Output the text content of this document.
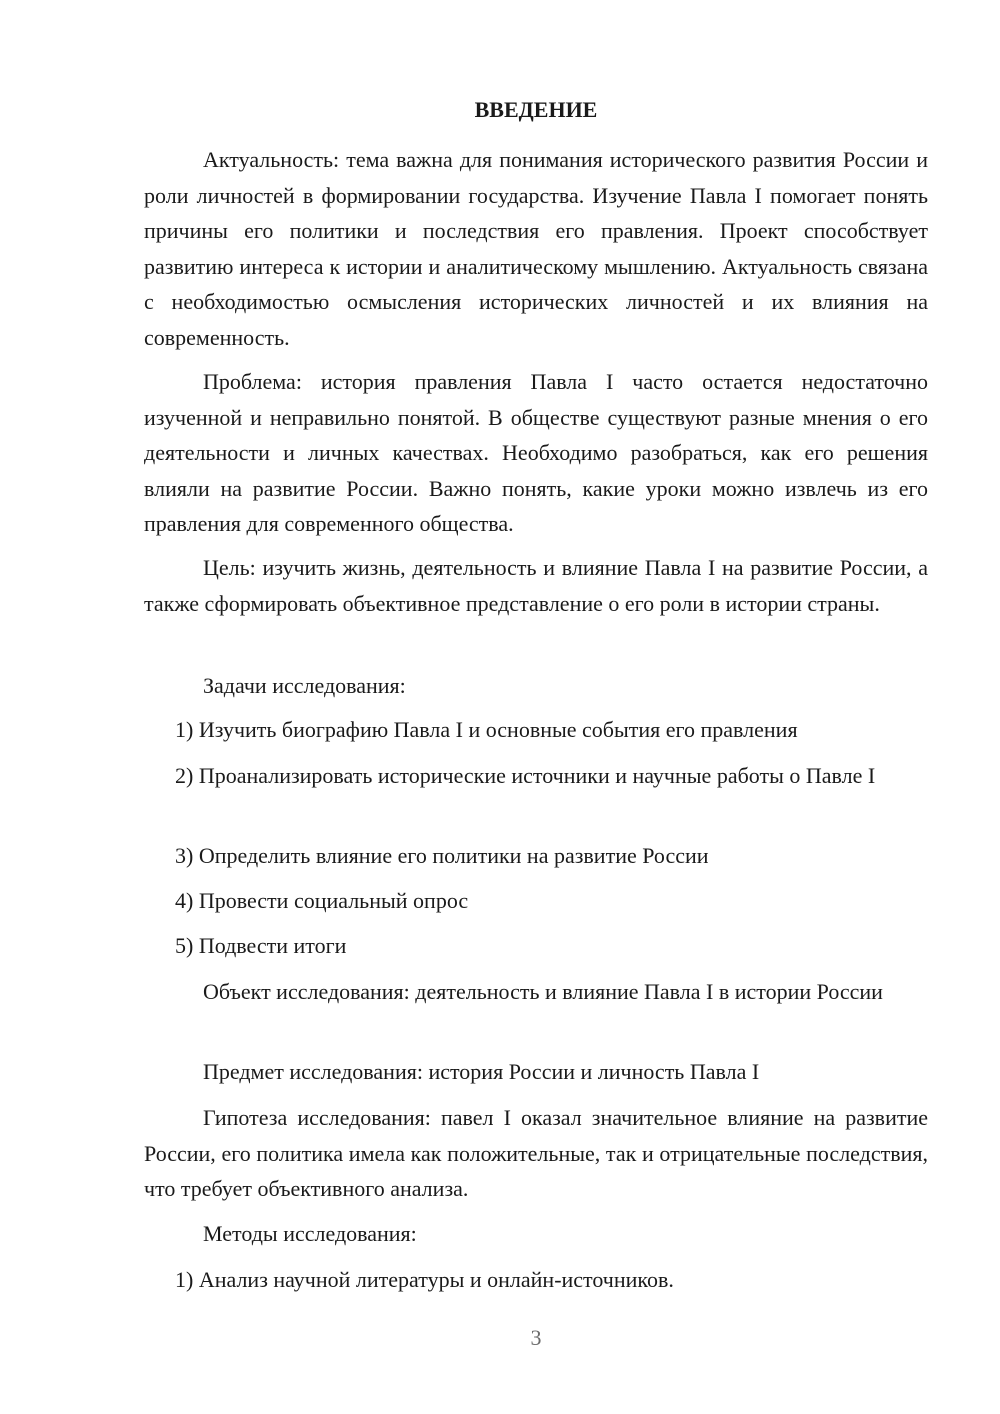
ВВЕДЕНИЕ

Актуальность: тема важна для понимания исторического развития России и роли личностей в формировании государства. Изучение Павла I помогает понять причины его политики и последствия его правления. Проект способствует развитию интереса к истории и аналитическому мышлению. Актуальность связана с необходимостью осмысления исторических личностей и их влияния на современность.

Проблема: история правления Павла I часто остается недостаточно изученной и неправильно понятой. В обществе существуют разные мнения о его деятельности и личных качествах. Необходимо разобраться, как его решения влияли на развитие России. Важно понять, какие уроки можно извлечь из его правления для современного общества.

Цель: изучить жизнь, деятельность и влияние Павла I на развитие России, а также сформировать объективное представление о его роли в истории страны.

Задачи исследования:

1) Изучить биографию Павла I и основные события его правления

2) Проанализировать исторические источники и научные работы о Павле I

3) Определить влияние его политики на развитие России

4) Провести социальный опрос

5) Подвести итоги

Объект исследования: деятельность и влияние Павла I в истории России

Предмет исследования: история России и личность Павла I

Гипотеза исследования: павел I оказал значительное влияние на развитие России, его политика имела как положительные, так и отрицательные последствия, что требует объективного анализа.

Методы исследования:

1) Анализ научной литературы и онлайн-источников.

3
